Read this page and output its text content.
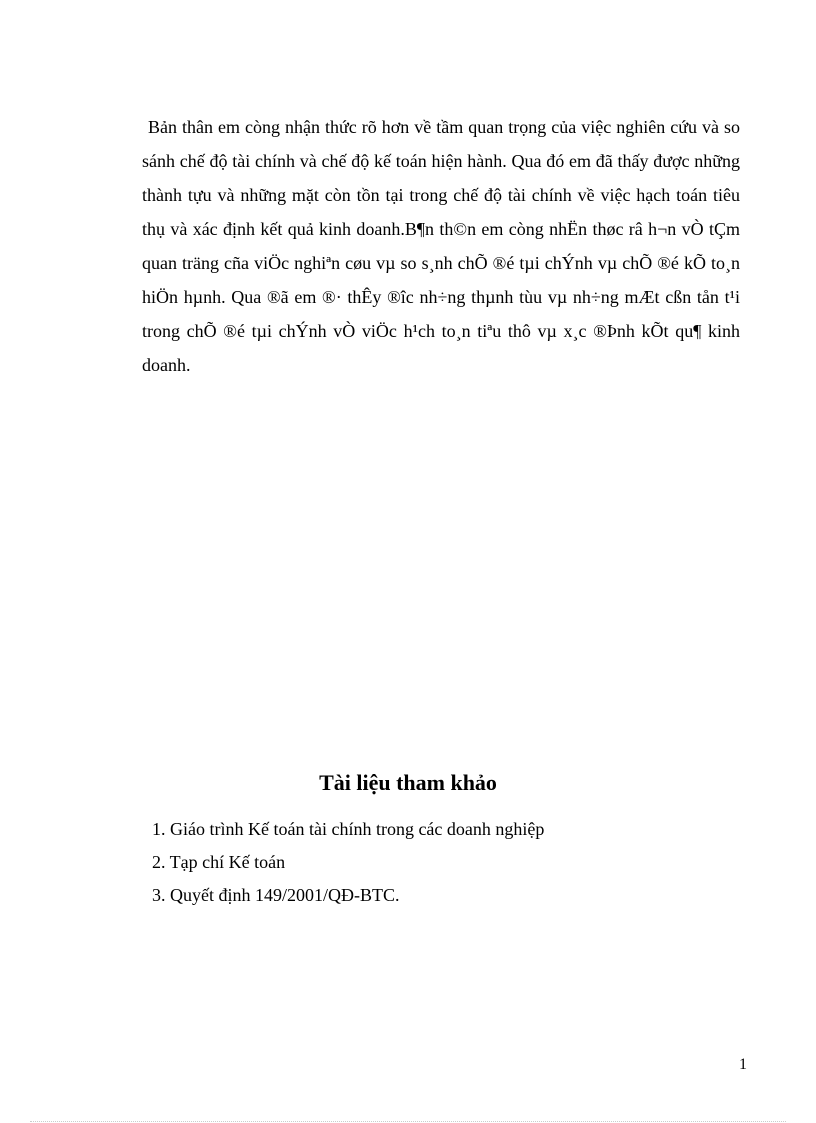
Bản thân em còng nhận thức rõ hơn về tầm quan trọng của việc nghiên cứu và so sánh chế độ tài chính và chế độ kế toán hiện hành. Qua đó em đã thấy được những thành tựu và những mặt còn tồn tại trong chế độ tài chính về việc hạch toán tiêu thụ và xác định kết quả kinh doanh.B¶n th©n em còng nhËn thøc râ h¬n vÒ tÇm quan träng cña viÖc nghiªn cøu vµ so s¸nh chÕ ®é tµi chÝnh vµ chÕ ®é kÕ to¸n hiÖn hµnh. Qua ®ã em ®· thÊy ®îc nh÷ng thµnh tùu vµ nh÷ng mÆt cßn tån t¹i trong chÕ ®é tµi chÝnh vÒ viÖc h¹ch to¸n tiªu thô vµ x¸c ®Þnh kÕt qu¶ kinh doanh.

Tài liệu tham khảo
1. Giáo trình Kế toán tài chính trong các doanh nghiệp
2. Tạp chí Kế toán
3. Quyết định 149/2001/QĐ-BTC.
1
